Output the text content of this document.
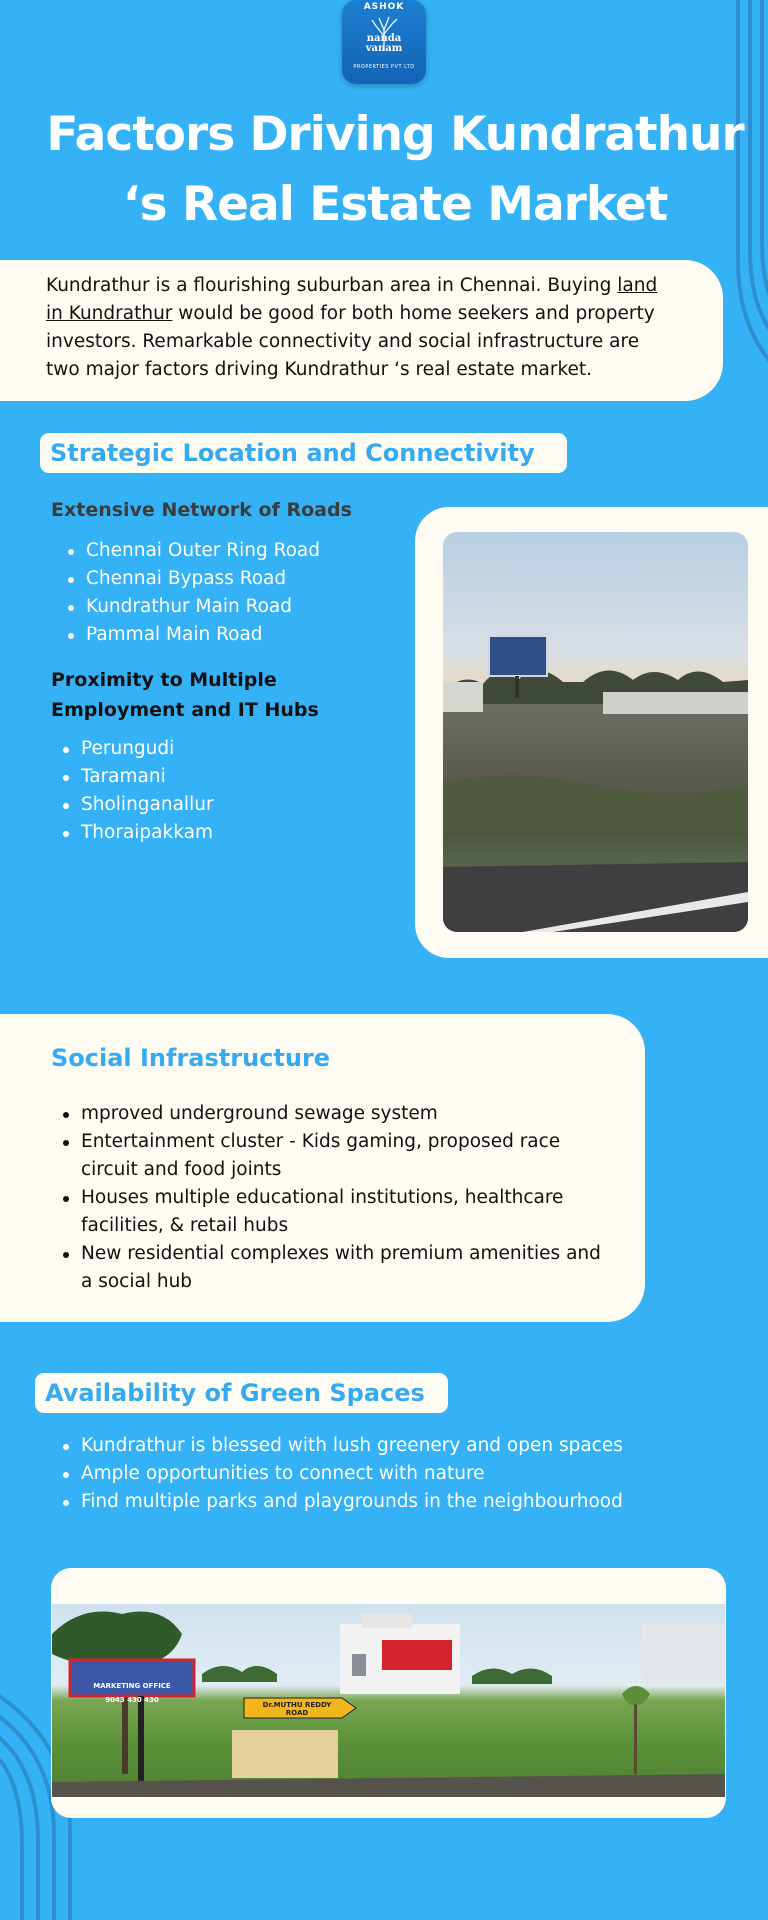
ASHOK
nanda
vanam
PROPERTIES PVT LTD
Factors Driving Kundrathur
‘s Real Estate Market
Kundrathur is a flourishing suburban area in Chennai. Buying land in Kundrathur would be good for both home seekers and property investors. Remarkable connectivity and social infrastructure are two major factors driving Kundrathur ‘s real estate market.
Strategic Location and Connectivity
Extensive Network of Roads
Chennai Outer Ring Road
Chennai Bypass Road
Kundrathur Main Road
Pammal Main Road
Proximity to Multiple Employment and IT Hubs
Perungudi
Taramani
Sholinganallur
Thoraipakkam
Social Infrastructure
mproved underground sewage system
Entertainment cluster - Kids gaming, proposed race circuit and food joints
Houses multiple educational institutions, healthcare facilities, & retail hubs
New residential complexes with premium amenities and a social hub
Availability of Green Spaces
Kundrathur is blessed with lush greenery and open spaces
Ample opportunities to connect with nature
Find multiple parks and playgrounds in the neighbourhood
MARKETING OFFICE
9043 430 430
Dr.MUTHU REDDY
ROAD
